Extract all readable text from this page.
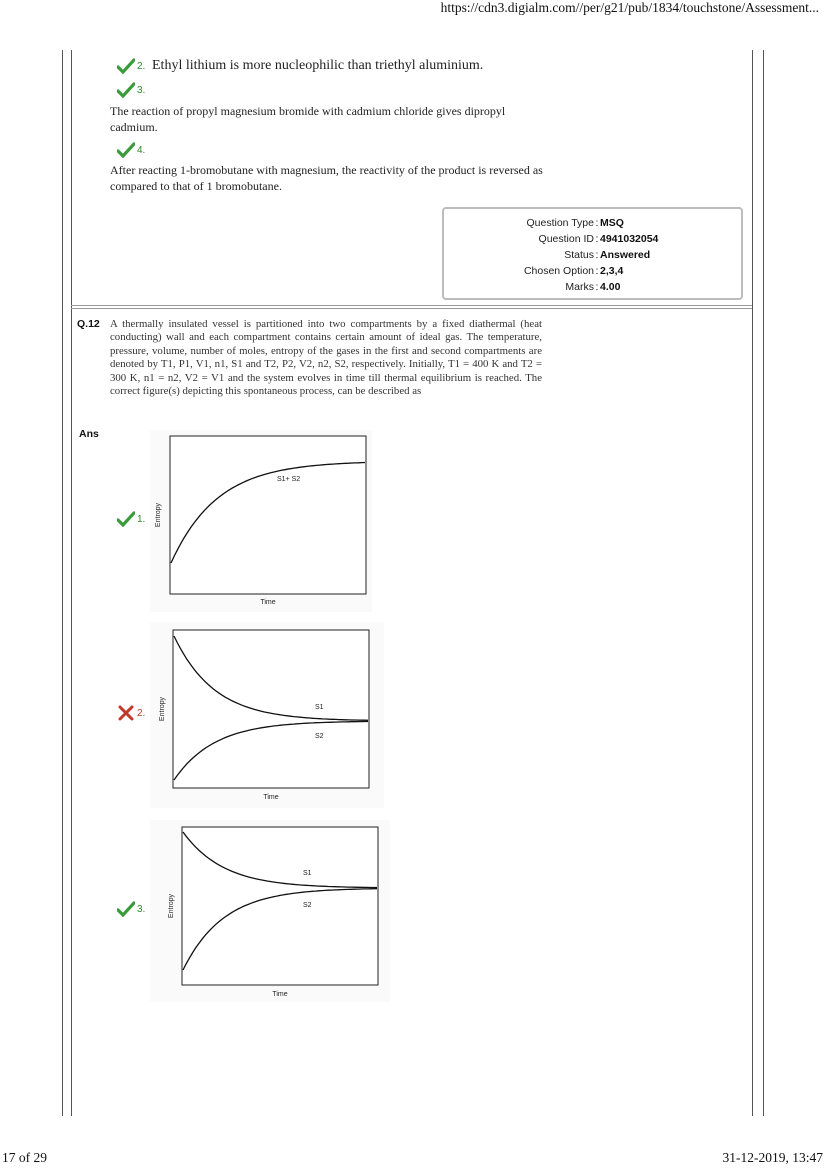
https://cdn3.digialm.com//per/g21/pub/1834/touchstone/Assessment...
17 of 29	31-12-2019, 13:47
2. Ethyl lithium is more nucleophilic than triethyl aluminium.
3.
The reaction of propyl magnesium bromide with cadmium chloride gives dipropyl cadmium.
4.
After reacting 1-bromobutane with magnesium, the reactivity of the product is reversed as compared to that of 1 bromobutane.
Question Type : MSQ
Question ID : 4941032054
Status : Answered
Chosen Option : 2,3,4
Marks : 4.00
Q.12 A thermally insulated vessel is partitioned into two compartments by a fixed diathermal (heat conducting) wall and each compartment contains certain amount of ideal gas. The temperature, pressure, volume, number of moles, entropy of the gases in the first and second compartments are denoted by T1, P1, V1, n1, S1 and T2, P2, V2, n2, S2, respectively. Initially, T1 = 400 K and T2 = 300 K, n1 = n2, V2 = V1 and the system evolves in time till thermal equilibrium is reached. The correct figure(s) depicting this spontaneous process, can be described as
Ans
1.
2.
3.
S1+ S2
Time
Entropy
S1
S2
Time
Entropy
S1
S2
Time
Entropy
